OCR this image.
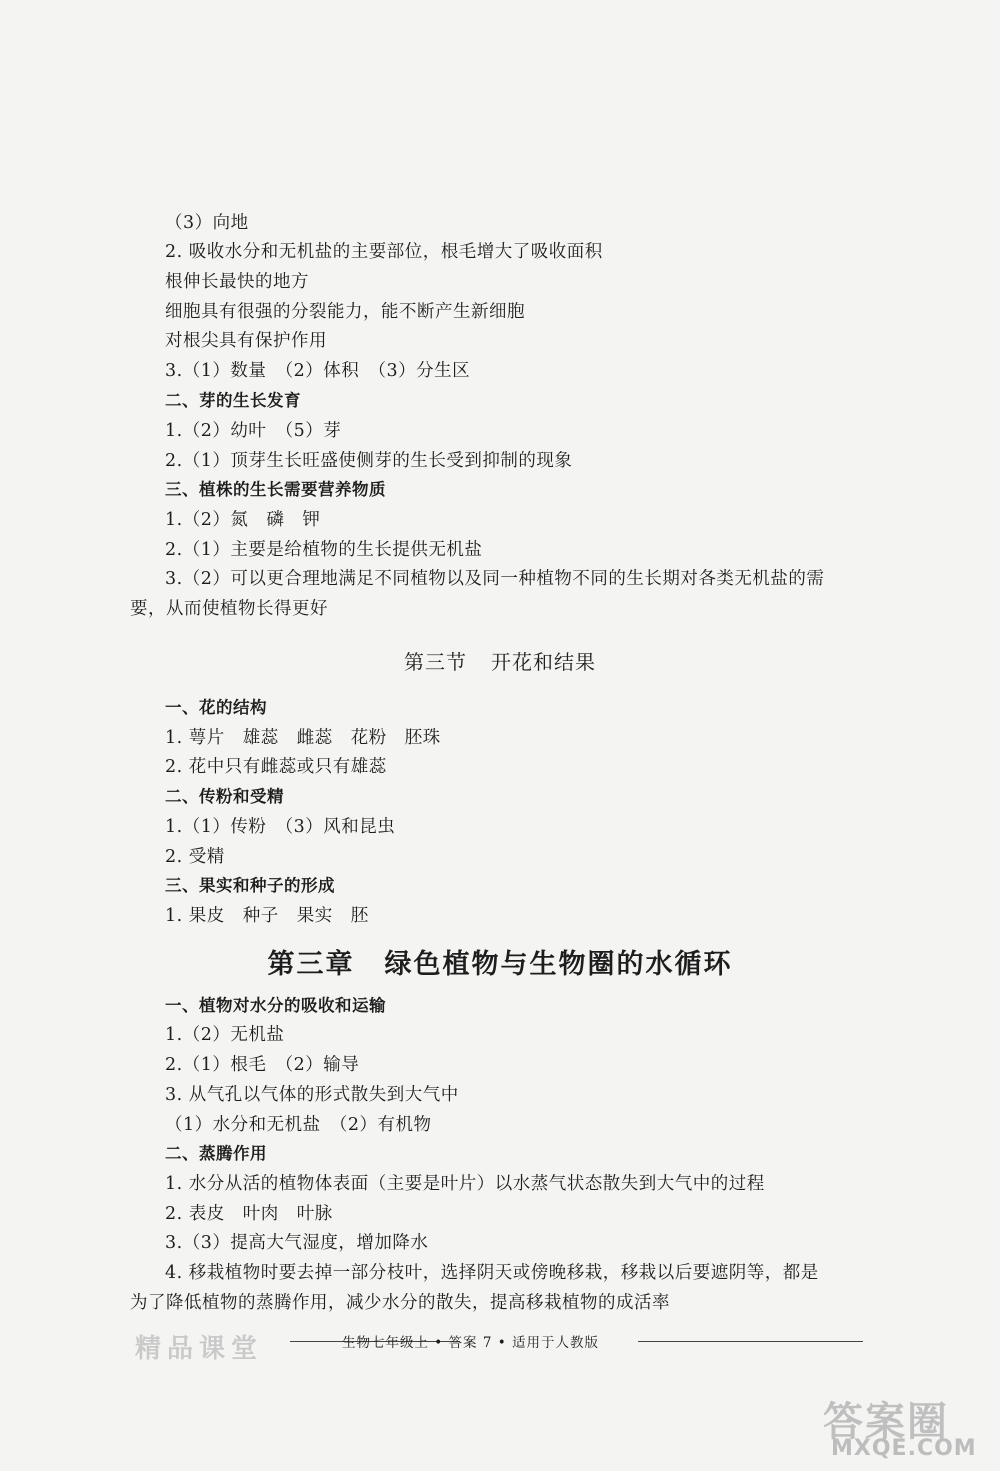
（3）向地
2. 吸收水分和无机盐的主要部位，根毛增大了吸收面积
根伸长最快的地方
细胞具有很强的分裂能力，能不断产生新细胞
对根尖具有保护作用
3.（1）数量　（2）体积　（3）分生区
二、芽的生长发育
1.（2）幼叶　（5）芽
2.（1）顶芽生长旺盛使侧芽的生长受到抑制的现象
三、植株的生长需要营养物质
1.（2）氮　磷　钾
2.（1）主要是给植物的生长提供无机盐
3.（2）可以更合理地满足不同植物以及同一种植物不同的生长期对各类无机盐的需
要，从而使植物长得更好
第三节 开花和结果
一、花的结构
1. 萼片　雄蕊　雌蕊　花粉　胚珠
2. 花中只有雌蕊或只有雄蕊
二、传粉和受精
1.（1）传粉　（3）风和昆虫
2. 受精
三、果实和种子的形成
1. 果皮　种子　果实　胚
第三章 绿色植物与生物圈的水循环
一、植物对水分的吸收和运输
1.（2）无机盐
2.（1）根毛　（2）输导
3. 从气孔以气体的形式散失到大气中
（1）水分和无机盐　（2）有机物
二、蒸腾作用
1. 水分从活的植物体表面（主要是叶片）以水蒸气状态散失到大气中的过程
2. 表皮　叶肉　叶脉
3.（3）提高大气湿度，增加降水
4. 移栽植物时要去掉一部分枝叶，选择阴天或傍晚移栽，移栽以后要遮阴等，都是
为了降低植物的蒸腾作用，减少水分的散失，提高移栽植物的成活率
精品课堂	生物七年级上 • 答案 7 • 适用于人教版
答案圈
MXQE.COM
